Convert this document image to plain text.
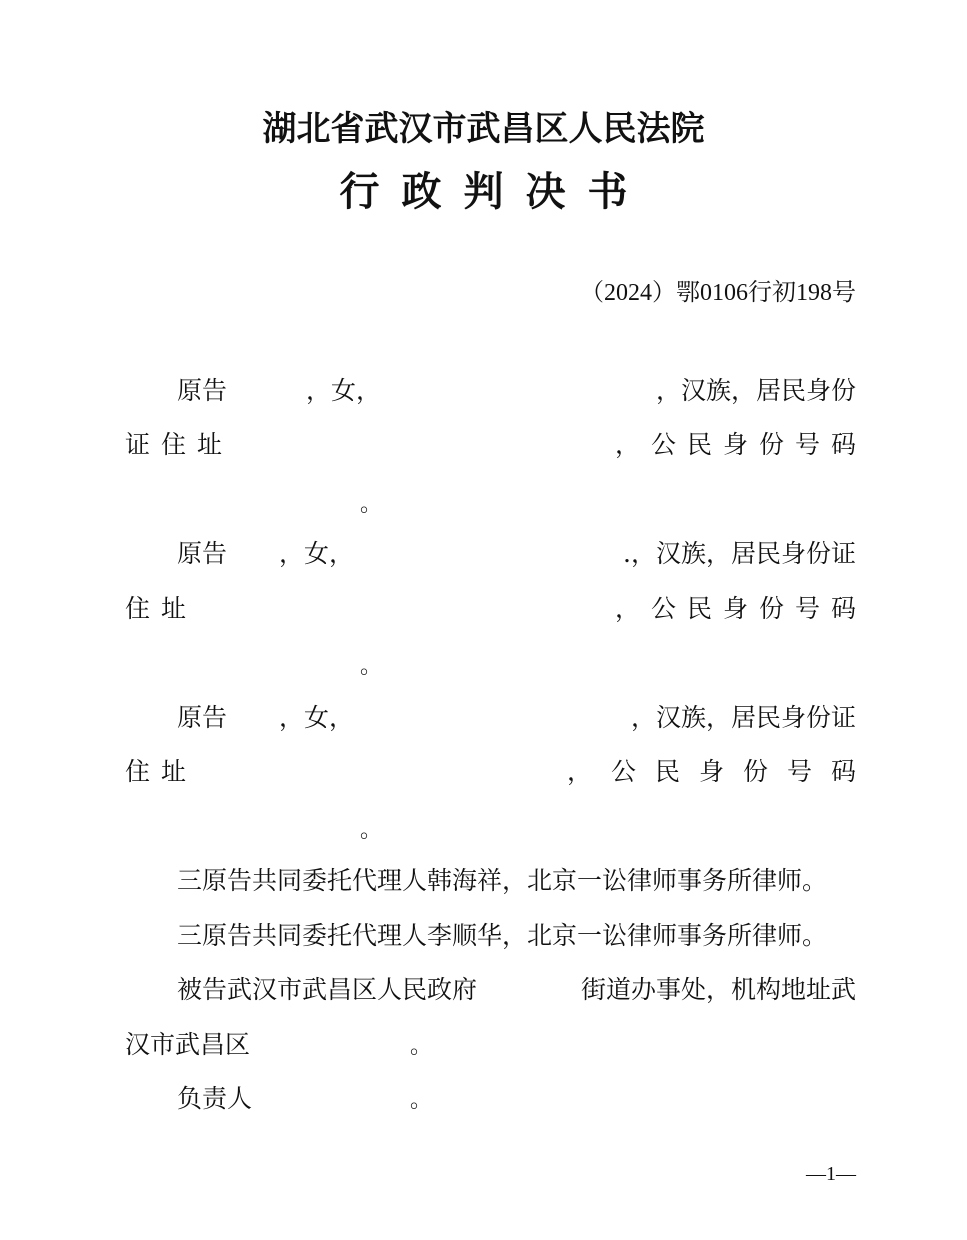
湖北省武汉市武昌区人民法院
行政判决书
（2024）鄂0106行初198号
原告	，女，	，汉族，居民身份
证住址	，公民身份号码
。
原告 ，女，	.，汉族，居民身份证
住址	，公民身份号码
。
原告 ，女，	，汉族，居民身份证
住址	，公民身份号码
。
三原告共同委托代理人韩海祥，北京一讼律师事务所律师。
三原告共同委托代理人李顺华，北京一讼律师事务所律师。
被告武汉市武昌区人民政府	街道办事处，机构地址武
汉市武昌区	。
负责人	。
—1—
